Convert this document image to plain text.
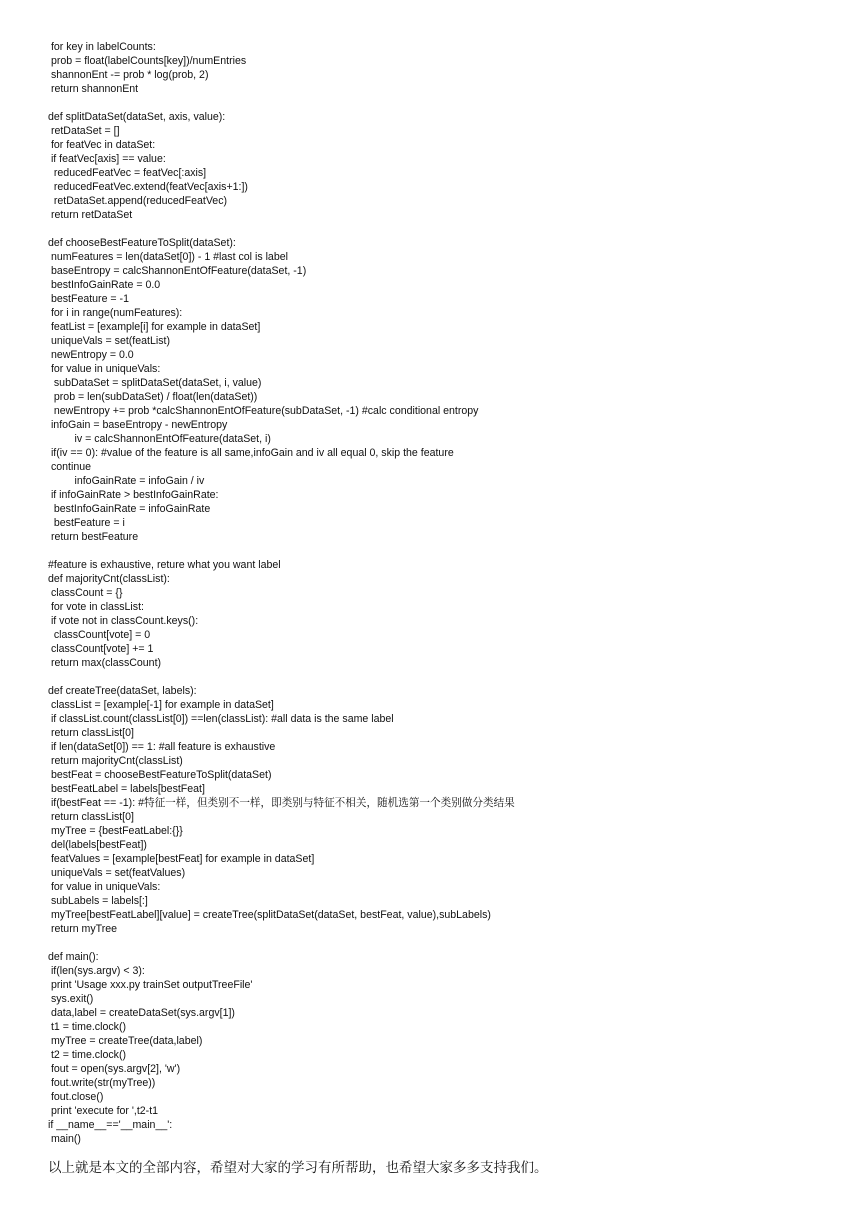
for key in labelCounts:
prob = float(labelCounts[key])/numEntries
shannonEnt -= prob * log(prob, 2)
return shannonEnt
def splitDataSet(dataSet, axis, value):
retDataSet = []
for featVec in dataSet:
if featVec[axis] == value:
reducedFeatVec = featVec[:axis]
reducedFeatVec.extend(featVec[axis+1:])
retDataSet.append(reducedFeatVec)
return retDataSet
def chooseBestFeatureToSplit(dataSet):
numFeatures = len(dataSet[0]) - 1 #last col is label
baseEntropy = calcShannonEntOfFeature(dataSet, -1)
bestInfoGainRate = 0.0
bestFeature = -1
for i in range(numFeatures):
featList = [example[i] for example in dataSet]
uniqueVals = set(featList)
newEntropy = 0.0
for value in uniqueVals:
subDataSet = splitDataSet(dataSet, i, value)
prob = len(subDataSet) / float(len(dataSet))
newEntropy += prob *calcShannonEntOfFeature(subDataSet, -1) #calc conditional entropy
infoGain = baseEntropy - newEntropy
iv = calcShannonEntOfFeature(dataSet, i)
if(iv == 0): #value of the feature is all same,infoGain and iv all equal 0, skip the feature
continue
infoGainRate = infoGain / iv
if infoGainRate > bestInfoGainRate:
bestInfoGainRate = infoGainRate
bestFeature = i
return bestFeature
#feature is exhaustive, reture what you want label
def majorityCnt(classList):
classCount = {}
for vote in classList:
if vote not in classCount.keys():
classCount[vote] = 0
classCount[vote] += 1
return max(classCount)
def createTree(dataSet, labels):
classList = [example[-1] for example in dataSet]
if classList.count(classList[0]) ==len(classList): #all data is the same label
return classList[0]
if len(dataSet[0]) == 1: #all feature is exhaustive
return majorityCnt(classList)
bestFeat = chooseBestFeatureToSplit(dataSet)
bestFeatLabel = labels[bestFeat]
if(bestFeat == -1): #特征一样，但类别不一样，即类别与特征不相关，随机选第一个类别做分类结果
return classList[0]
myTree = {bestFeatLabel:{}}
del(labels[bestFeat])
featValues = [example[bestFeat] for example in dataSet]
uniqueVals = set(featValues)
for value in uniqueVals:
subLabels = labels[:]
myTree[bestFeatLabel][value] = createTree(splitDataSet(dataSet, bestFeat, value),subLabels)
return myTree
def main():
if(len(sys.argv) < 3):
print 'Usage xxx.py trainSet outputTreeFile'
sys.exit()
data,label = createDataSet(sys.argv[1])
t1 = time.clock()
myTree = createTree(data,label)
t2 = time.clock()
fout = open(sys.argv[2], 'w')
fout.write(str(myTree))
fout.close()
print 'execute for ',t2-t1
if __name__=='__main__':
main()
以上就是本文的全部内容，希望对大家的学习有所帮助，也希望大家多多支持我们。
